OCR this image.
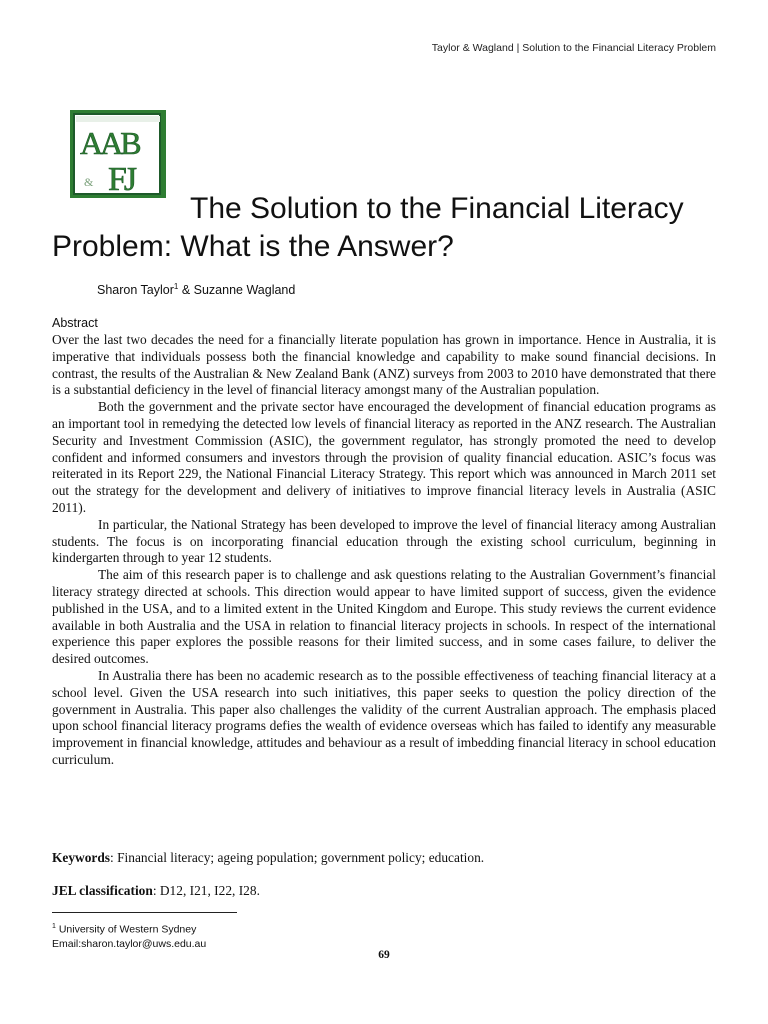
Taylor & Wagland | Solution to the Financial Literacy Problem
AAB
& FJ
The Solution to the Financial Literacy Problem: What is the Answer?
Sharon Taylor$^1$ & Suzanne Wagland
Abstract

Over the last two decades the need for a financially literate population has grown in importance. Hence in Australia, it is imperative that individuals possess both the financial knowledge and capability to make sound financial decisions. In contrast, the results of the Australian & New Zealand Bank (ANZ) surveys from 2003 to 2010 have demonstrated that there is a substantial deficiency in the level of financial literacy amongst many of the Australian population.

Both the government and the private sector have encouraged the development of financial education programs as an important tool in remedying the detected low levels of financial literacy as reported in the ANZ research. The Australian Security and Investment Commission (ASIC), the government regulator, has strongly promoted the need to develop confident and informed consumers and investors through the provision of quality financial education. ASIC’s focus was reiterated in its Report 229, the National Financial Literacy Strategy. This report which was announced in March 2011 set out the strategy for the development and delivery of initiatives to improve financial literacy levels in Australia (ASIC 2011).

In particular, the National Strategy has been developed to improve the level of financial literacy among Australian students. The focus is on incorporating financial education through the existing school curriculum, beginning in kindergarten through to year 12 students.

The aim of this research paper is to challenge and ask questions relating to the Australian Government’s financial literacy strategy directed at schools. This direction would appear to have limited support of success, given the evidence published in the USA, and to a limited extent in the United Kingdom and Europe. This study reviews the current evidence available in both Australia and the USA in relation to financial literacy projects in schools. In respect of the international experience this paper explores the possible reasons for their limited success, and in some cases failure, to deliver the desired outcomes.

In Australia there has been no academic research as to the possible effectiveness of teaching financial literacy at a school level. Given the USA research into such initiatives, this paper seeks to question the policy direction of the government in Australia. This paper also challenges the validity of the current Australian approach. The emphasis placed upon school financial literacy programs defies the wealth of evidence overseas which has failed to identify any measurable improvement in financial knowledge, attitudes and behaviour as a result of imbedding financial literacy in school education curriculum.

Keywords: Financial literacy; ageing population; government policy; education.
JEL classification: D12, I21, I22, I28.
$^1$ University of Western Sydney
Email:sharon.taylor@uws.edu.au
69
